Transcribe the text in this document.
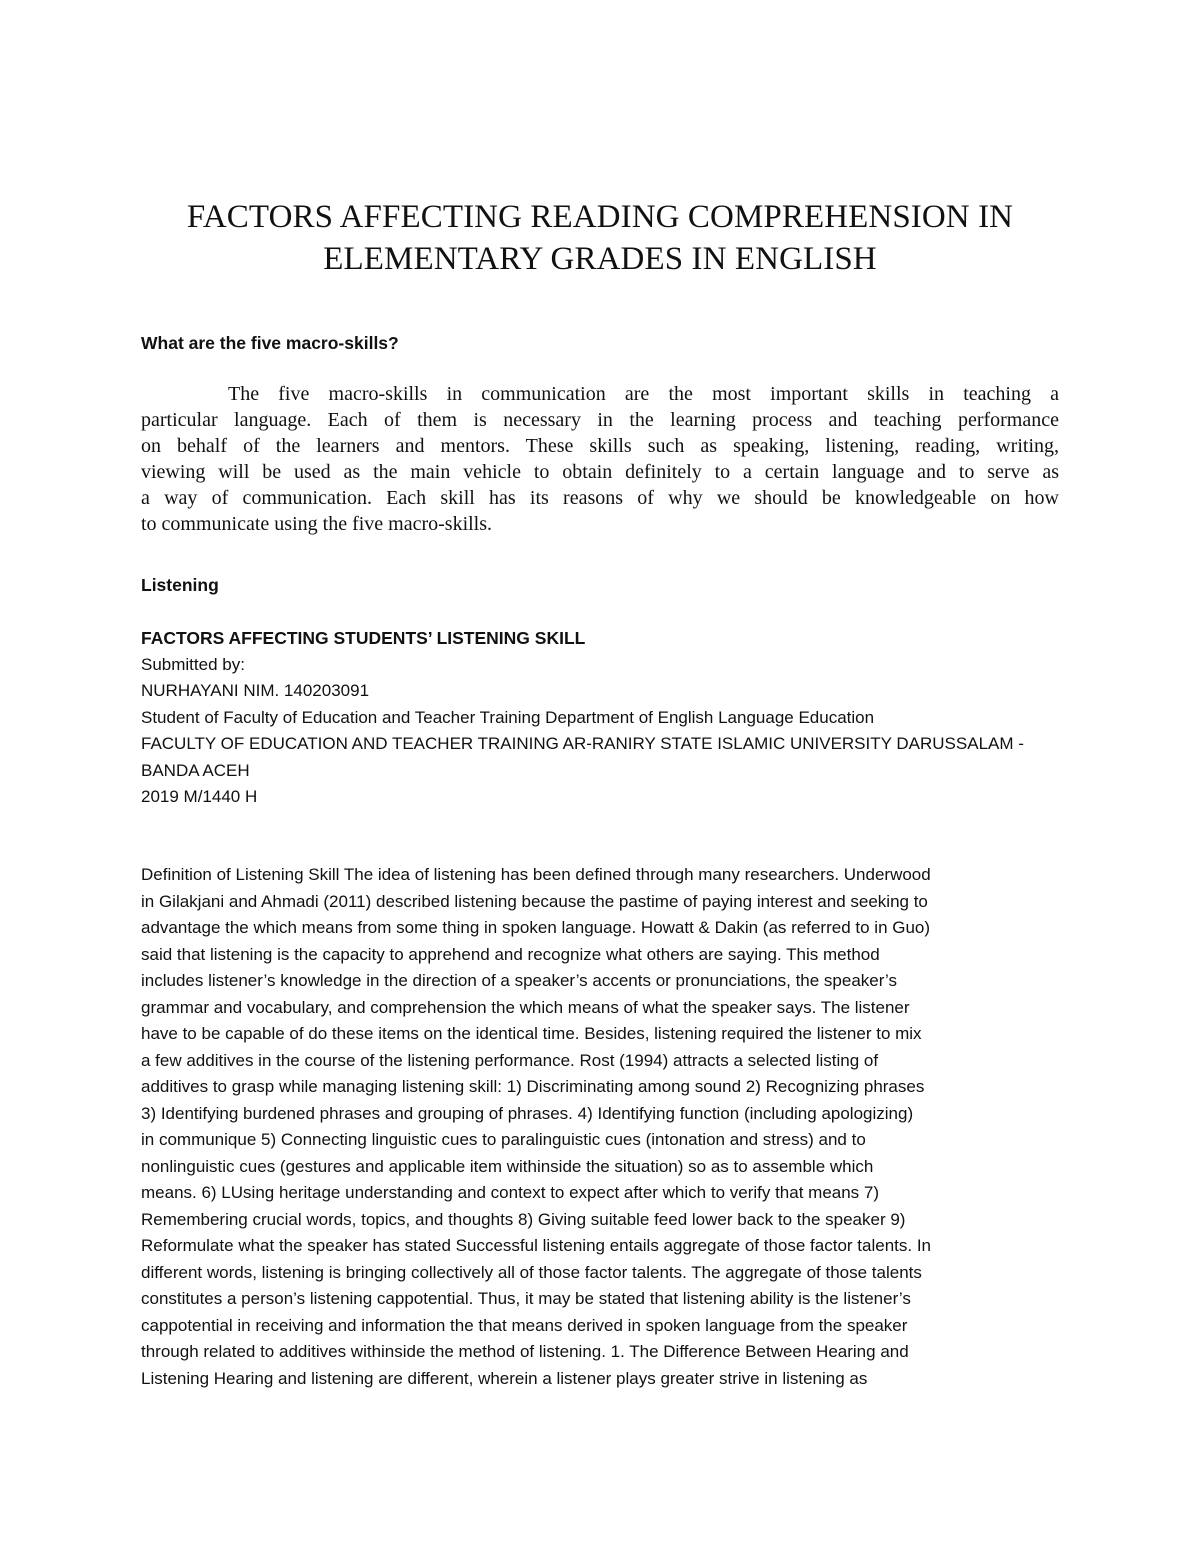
FACTORS AFFECTING READING COMPREHENSION IN
ELEMENTARY GRADES IN ENGLISH
What are the five macro-skills?
The five macro-skills in communication are the most important skills in teaching a
particular language. Each of them is necessary in the learning process and teaching performance
on behalf of the learners and mentors. These skills such as speaking, listening, reading, writing,
viewing will be used as the main vehicle to obtain definitely to a certain language and to serve as
a way of communication. Each skill has its reasons of why we should be knowledgeable on how
to communicate using the five macro-skills.
Listening
FACTORS AFFECTING STUDENTS’ LISTENING SKILL
Submitted by:
NURHAYANI NIM. 140203091
Student of Faculty of Education and Teacher Training Department of English Language Education
FACULTY OF EDUCATION AND TEACHER TRAINING AR-RANIRY STATE ISLAMIC UNIVERSITY DARUSSALAM -
BANDA ACEH
2019 M/1440 H
Definition of Listening Skill The idea of listening has been defined through many researchers. Underwood
in Gilakjani and Ahmadi (2011) described listening because the pastime of paying interest and seeking to
advantage the which means from some thing in spoken language. Howatt & Dakin (as referred to in Guo)
said that listening is the capacity to apprehend and recognize what others are saying. This method
includes listener’s knowledge in the direction of a speaker’s accents or pronunciations, the speaker’s
grammar and vocabulary, and comprehension the which means of what the speaker says. The listener
have to be capable of do these items on the identical time. Besides, listening required the listener to mix
a few additives in the course of the listening performance. Rost (1994) attracts a selected listing of
additives to grasp while managing listening skill: 1) Discriminating among sound 2) Recognizing phrases
3) Identifying burdened phrases and grouping of phrases. 4) Identifying function (including apologizing)
in communique 5) Connecting linguistic cues to paralinguistic cues (intonation and stress) and to
nonlinguistic cues (gestures and applicable item withinside the situation) so as to assemble which
means. 6) LUsing heritage understanding and context to expect after which to verify that means 7)
Remembering crucial words, topics, and thoughts 8) Giving suitable feed lower back to the speaker 9)
Reformulate what the speaker has stated Successful listening entails aggregate of those factor talents. In
different words, listening is bringing collectively all of those factor talents. The aggregate of those talents
constitutes a person’s listening cappotential. Thus, it may be stated that listening ability is the listener’s
cappotential in receiving and information the that means derived in spoken language from the speaker
through related to additives withinside the method of listening. 1. The Difference Between Hearing and
Listening Hearing and listening are different, wherein a listener plays greater strive in listening as
